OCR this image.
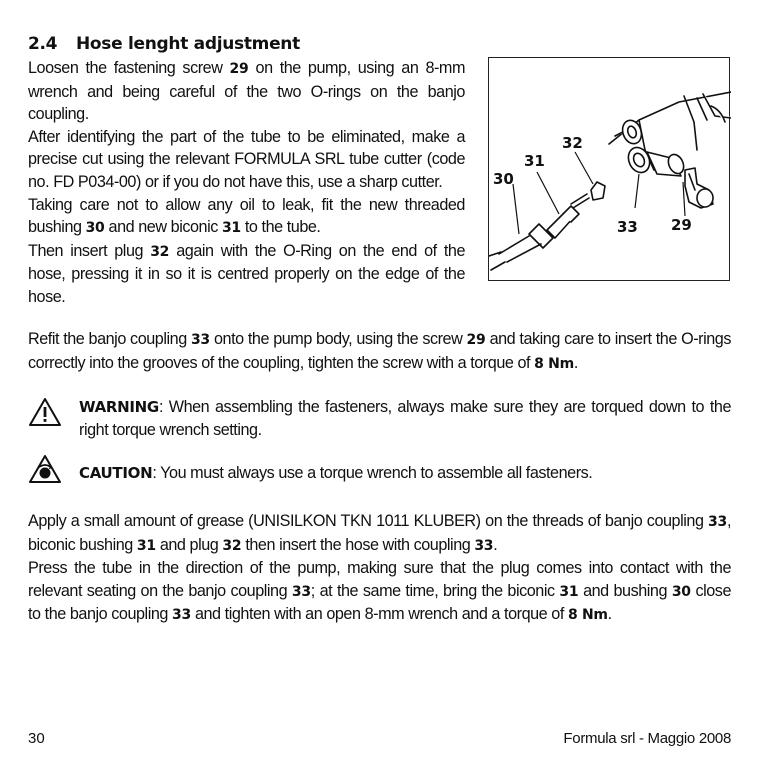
2.4 Hose lenght adjustment

Loosen the fastening screw 29 on the pump, using an 8-mm wrench and being careful of the two O-rings on the banjo coupling.

After identifying the part of the tube to be eliminated, make a precise cut using the relevant FORMULA SRL tube cutter (code no. FD P034-00) or if you do not have this, use a sharp cutter.

Taking care not to allow any oil to leak, fit the new threaded bushing 30 and new biconic 31 to the tube.

Then insert plug 32 again with the O-Ring on the end of the hose, pressing it in so it is centred properly on the edge of the hose.

30
31
32
33 29

Refit the banjo coupling 33 onto the pump body, using the screw 29 and taking care to insert the O-rings correctly into the grooves of the coupling, tighten the screw with a torque of 8 Nm.

WARNING: When assembling the fasteners, always make sure they are torqued down to the right torque wrench setting.
CAUTION: You must always use a torque wrench to assemble all fasteners.

Apply a small amount of grease (UNISILKON TKN 1011 KLUBER) on the threads of banjo coupling 33, biconic bushing 31 and plug 32 then insert the hose with coupling 33.

Press the tube in the direction of the pump, making sure that the plug comes into contact with the relevant seating on the banjo coupling 33; at the same time, bring the biconic 31 and bushing 30 close to the banjo coupling 33 and tighten with an open 8-mm wrench and a torque of 8 Nm.

30	Formula srl - Maggio 2008
